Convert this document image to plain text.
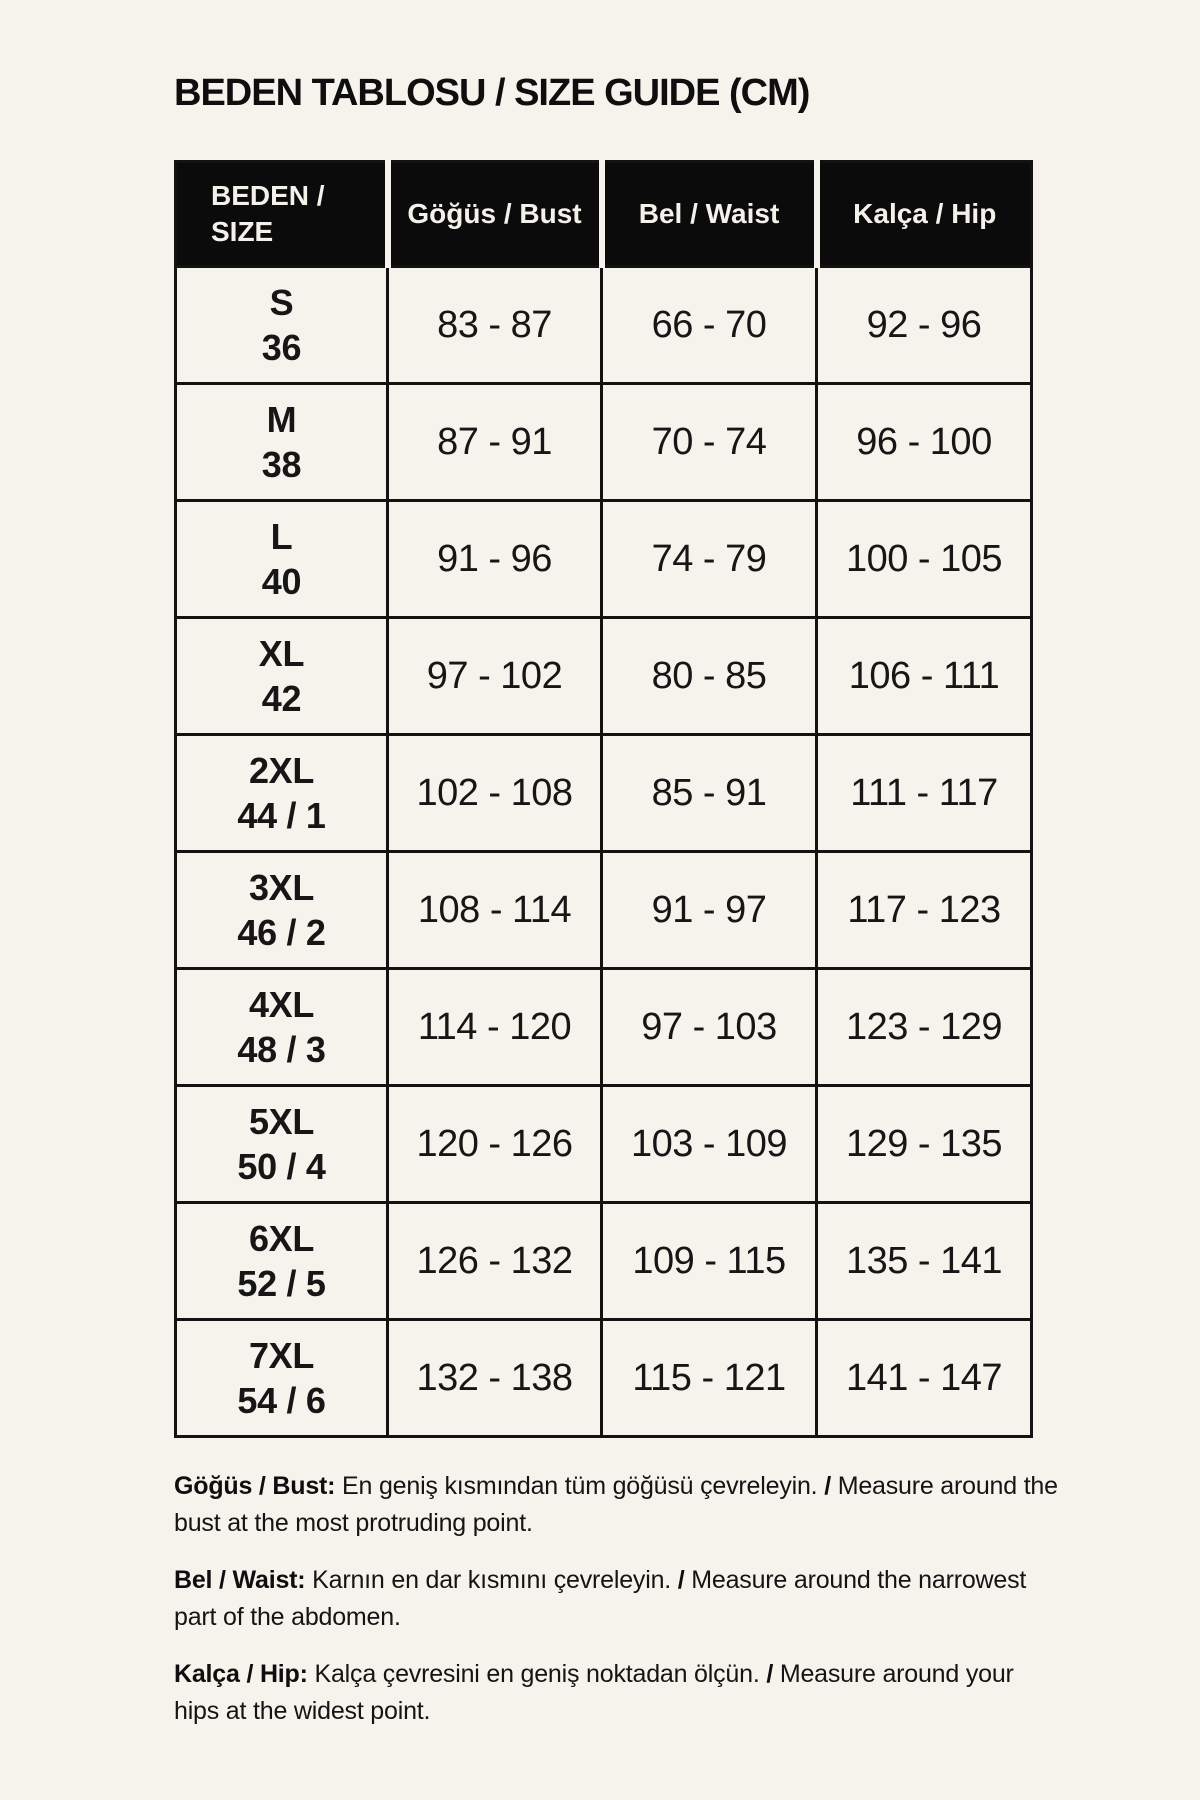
BEDEN TABLOSU / SIZE GUIDE (CM)
BEDEN /
SIZE	Göğüs / Bust	Bel / Waist	Kalça / Hip

S
36	83 - 87	66 - 70	92 - 96

M
38	87 - 91	70 - 74	96 - 100

L
40	91 - 96	74 - 79	100 - 105

XL
42	97 - 102	80 - 85	106 - 111

2XL
44 / 1	102 - 108	85 - 91	111 - 117

3XL
46 / 2	108 - 114	91 - 97	117 - 123

4XL
48 / 3	114 - 120	97 - 103	123 - 129

5XL
50 / 4	120 - 126	103 - 109	129 - 135

6XL
52 / 5	126 - 132	109 - 115	135 - 141

7XL
54 / 6	132 - 138	115 - 121	141 - 147

Göğüs / Bust: En geniş kısmından tüm göğüsü çevreleyin. / Measure around the bust at the most protruding point.

Bel / Waist: Karnın en dar kısmını çevreleyin. / Measure around the narrowest part of the abdomen.

Kalça / Hip: Kalça çevresini en geniş noktadan ölçün. / Measure around your hips at the widest point.
